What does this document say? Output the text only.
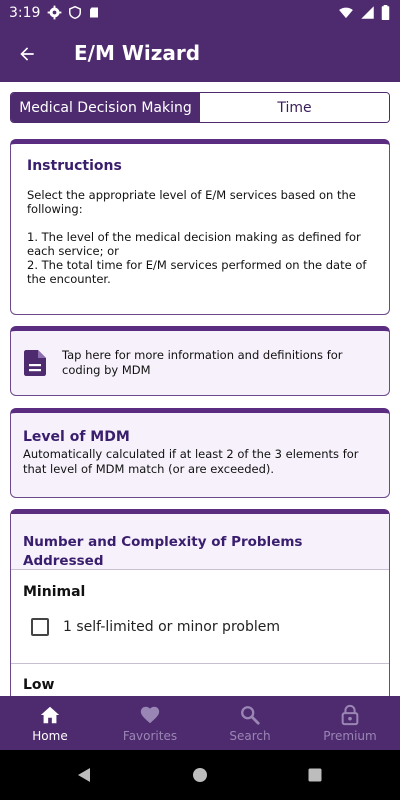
3:19
E/M Wizard
Medical Decision Making	Time
Instructions
Select the appropriate level of E/M services based on the following:
1. The level of the medical decision making as defined for each service; or
2. The total time for E/M services performed on the date of the encounter.
Tap here for more information and definitions for coding by MDM
Level of MDM
Automatically calculated if at least 2 of the 3 elements for that level of MDM match (or are exceeded).
Number and Complexity of Problems Addressed
Minimal
1 self-limited or minor problem
Low
Home	Favorites	Search	Premium
